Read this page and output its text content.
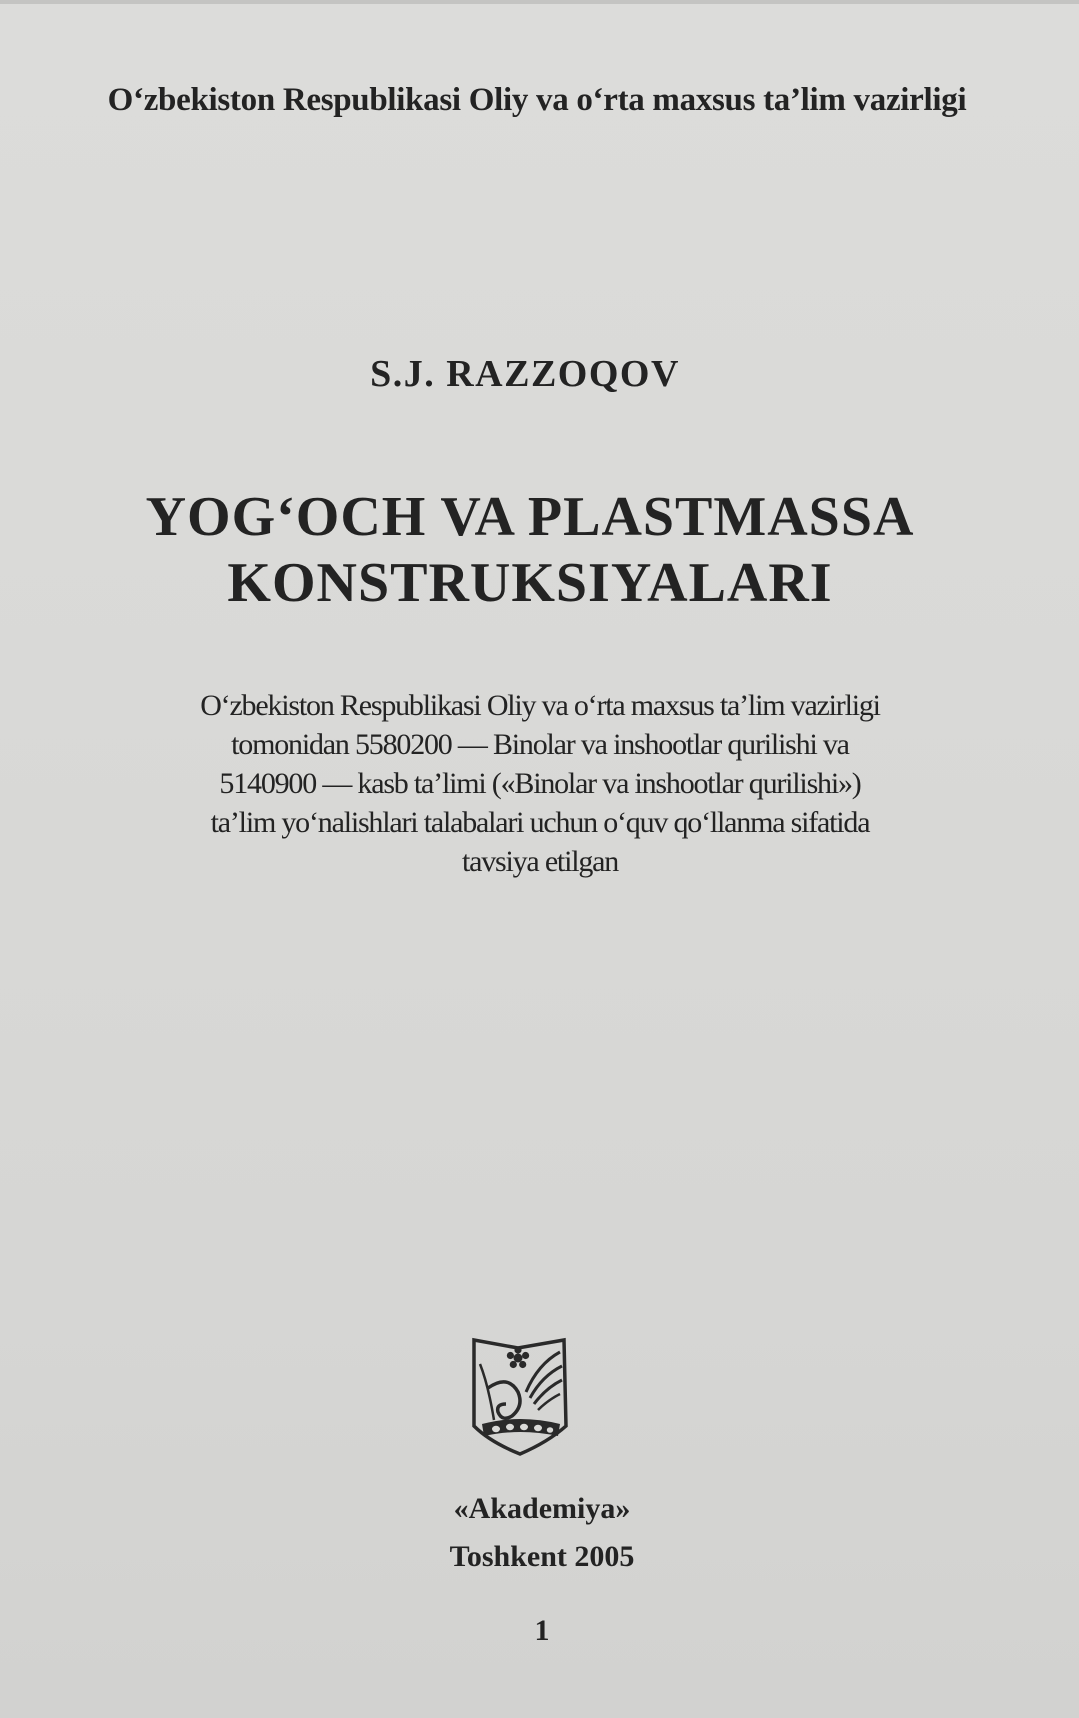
O‘zbekiston Respublikasi Oliy va o‘rta maxsus ta’lim vazirligi
S.J. RAZZOQOV
YOG‘OCH VA PLASTMASSA
KONSTRUKSIYALARI
O‘zbekiston Respublikasi Oliy va o‘rta maxsus ta’lim vazirligi
tomonidan 5580200 — Binolar va inshootlar qurilishi va
5140900 — kasb ta’limi («Binolar va inshootlar qurilishi»)
ta’lim yo‘nalishlari talabalari uchun o‘quv qo‘llanma sifatida
tavsiya etilgan
«Akademiya»
Toshkent 2005
1
